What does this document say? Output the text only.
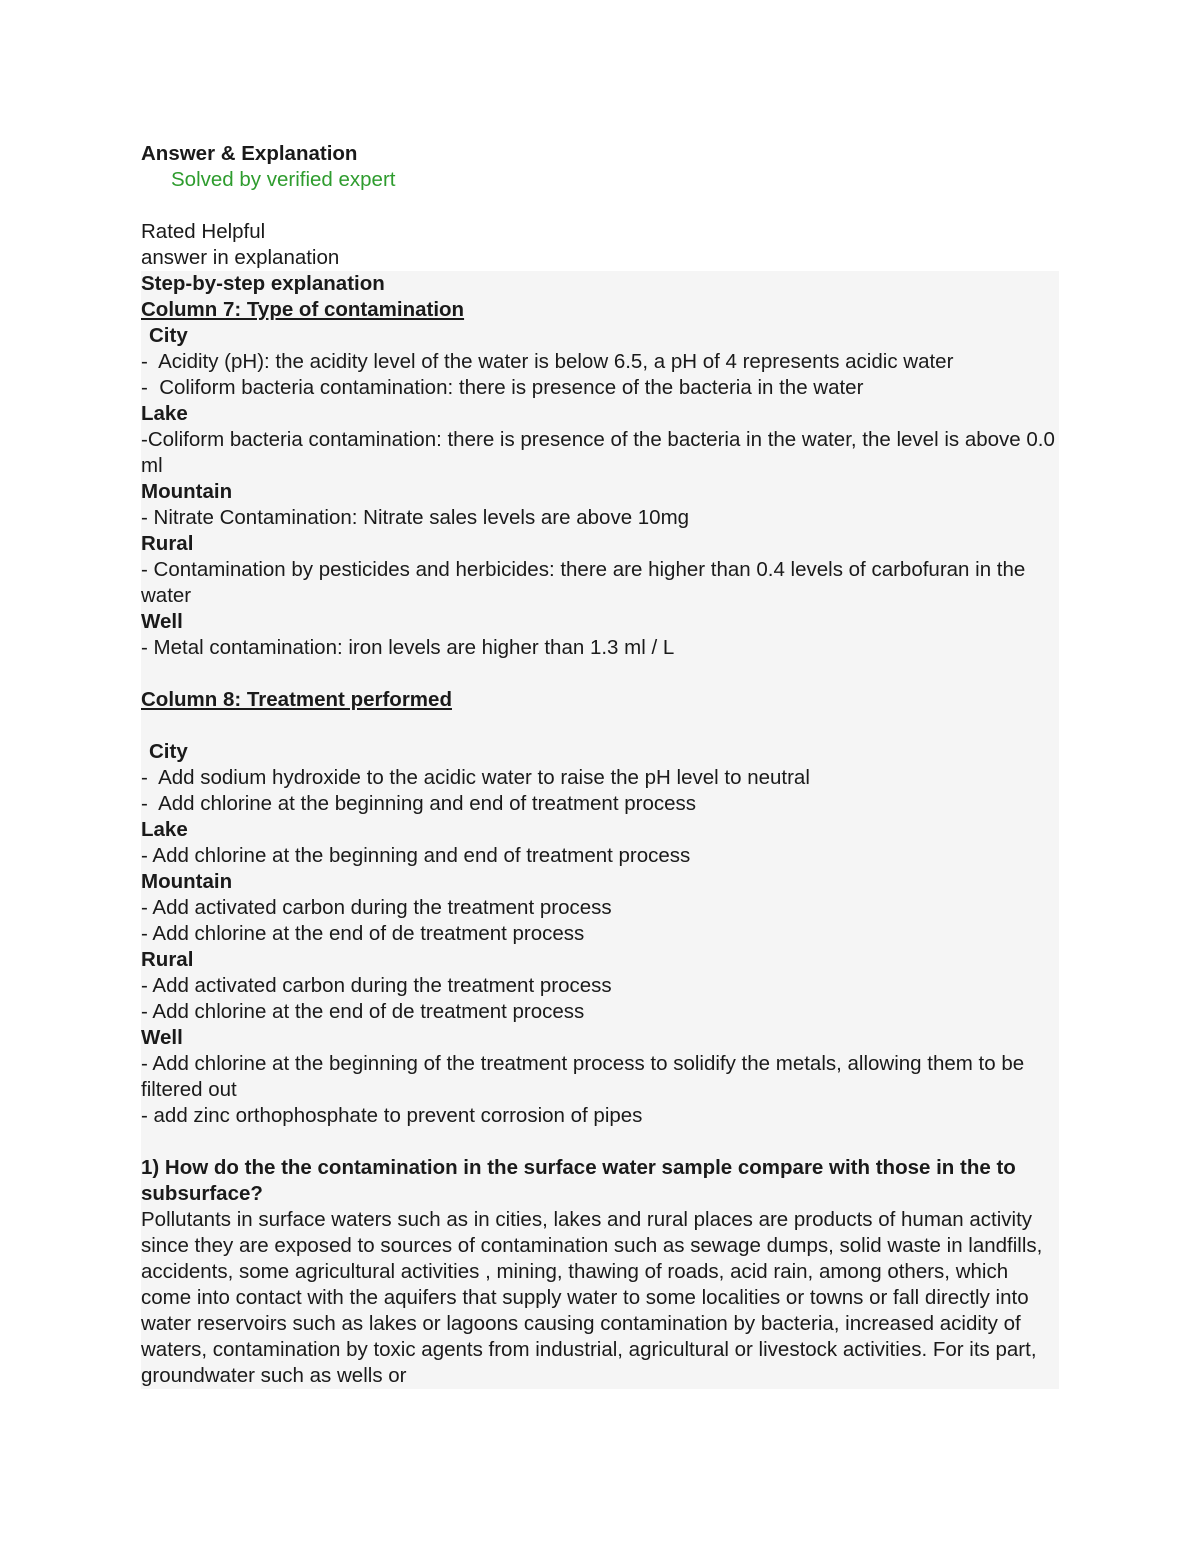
Answer & Explanation
Solved by verified expert
Rated Helpful
answer in explanation
Step-by-step explanation
Column 7: Type of contamination
City
-  Acidity (pH): the acidity level of the water is below 6.5, a pH of 4 represents acidic water
-  Coliform bacteria contamination: there is presence of the bacteria in the water
Lake
-Coliform bacteria contamination: there is presence of the bacteria in the water, the level is above 0.0 ml
Mountain
- Nitrate Contamination: Nitrate sales levels are above 10mg
Rural
- Contamination by pesticides and herbicides: there are higher than 0.4 levels of carbofuran in the water
Well
- Metal contamination: iron levels are higher than 1.3 ml / L
Column 8: Treatment performed
City
-  Add sodium hydroxide to the acidic water to raise the pH level to neutral
-  Add chlorine at the beginning and end of treatment process
Lake
- Add chlorine at the beginning and end of treatment process
Mountain
- Add activated carbon during the treatment process
- Add chlorine at the end of de treatment process
Rural
- Add activated carbon during the treatment process
- Add chlorine at the end of de treatment process
Well
- Add chlorine at the beginning of the treatment process to solidify the metals, allowing them to be filtered out
- add zinc orthophosphate to prevent corrosion of pipes
1) How do the the contamination in the surface water sample compare with those in the to subsurface?
Pollutants in surface waters such as in cities, lakes and rural places are products of human activity since they are exposed to sources of contamination such as sewage dumps, solid waste in landfills, accidents, some agricultural activities , mining, thawing of roads, acid rain, among others, which come into contact with the aquifers that supply water to some localities or towns or fall directly into water reservoirs such as lakes or lagoons causing contamination by bacteria, increased acidity of waters, contamination by toxic agents from industrial, agricultural or livestock activities. For its part, groundwater such as wells or
